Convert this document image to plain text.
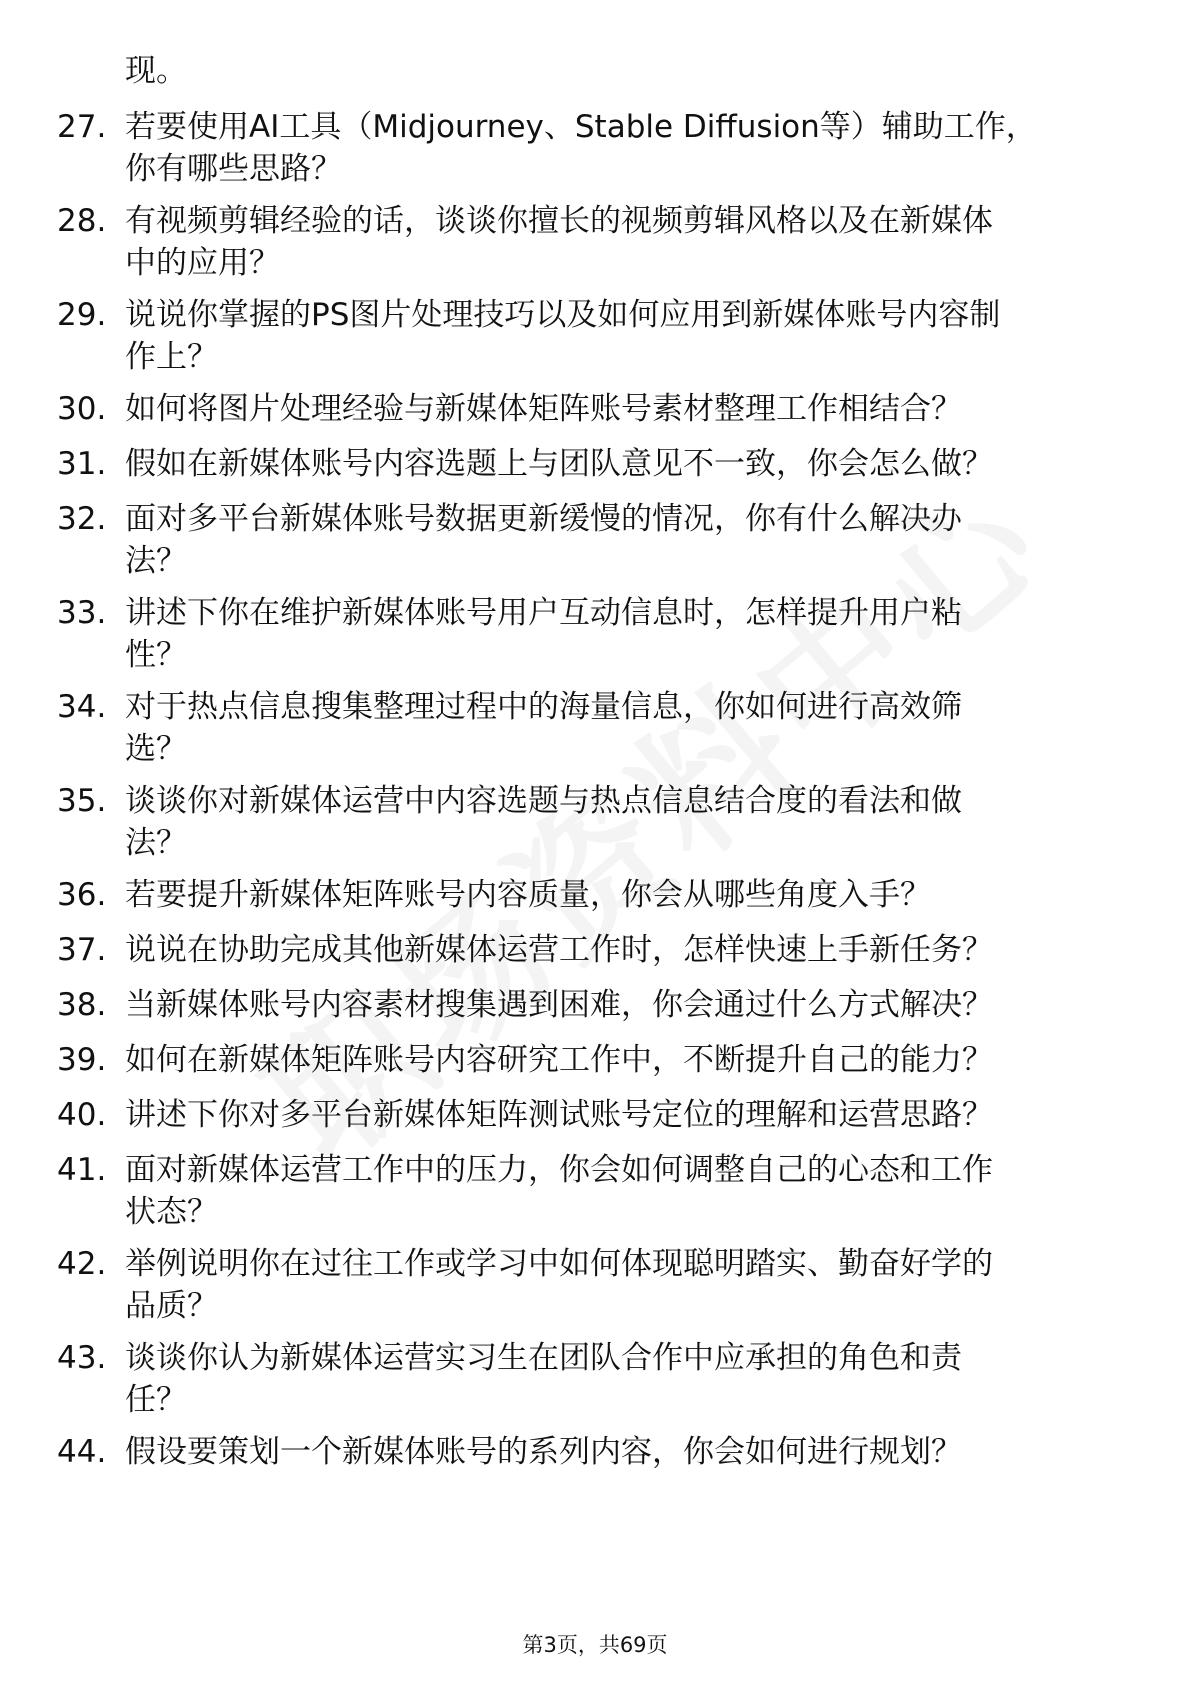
现。
27. 若要使用AI工具（Midjourney、Stable Diffusion等）辅助工作，
你有哪些思路？
28. 有视频剪辑经验的话，谈谈你擅长的视频剪辑风格以及在新媒体
中的应用？
29. 说说你掌握的PS图片处理技巧以及如何应用到新媒体账号内容制
作上？
30. 如何将图片处理经验与新媒体矩阵账号素材整理工作相结合？
31. 假如在新媒体账号内容选题上与团队意见不一致，你会怎么做？
32. 面对多平台新媒体账号数据更新缓慢的情况，你有什么解决办
法？
33. 讲述下你在维护新媒体账号用户互动信息时，怎样提升用户粘
性？
34. 对于热点信息搜集整理过程中的海量信息，你如何进行高效筛
选？
35. 谈谈你对新媒体运营中内容选题与热点信息结合度的看法和做
法？
36. 若要提升新媒体矩阵账号内容质量，你会从哪些角度入手？
37. 说说在协助完成其他新媒体运营工作时，怎样快速上手新任务？
38. 当新媒体账号内容素材搜集遇到困难，你会通过什么方式解决？
39. 如何在新媒体矩阵账号内容研究工作中，不断提升自己的能力？
40. 讲述下你对多平台新媒体矩阵测试账号定位的理解和运营思路？
41. 面对新媒体运营工作中的压力，你会如何调整自己的心态和工作
状态？
42. 举例说明你在过往工作或学习中如何体现聪明踏实、勤奋好学的
品质？
43. 谈谈你认为新媒体运营实习生在团队合作中应承担的角色和责
任？
44. 假设要策划一个新媒体账号的系列内容，你会如何进行规划？
第3页，共69页
